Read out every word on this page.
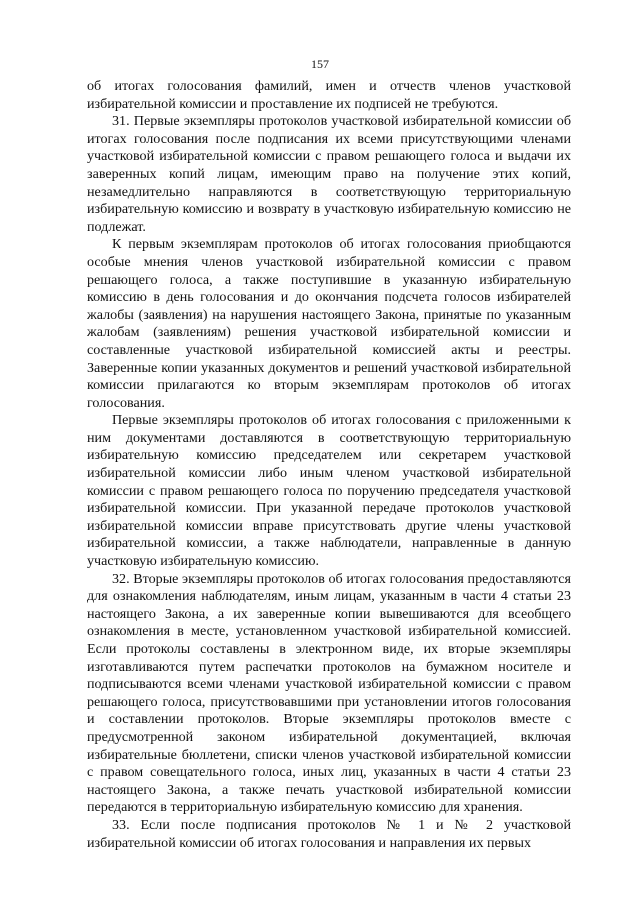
157

об итогах голосования фамилий, имен и отчеств членов участковой избирательной комиссии и проставление их подписей не требуются.

31. Первые экземпляры протоколов участковой избирательной комиссии об итогах голосования после подписания их всеми присутствующими членами участковой избирательной комиссии с правом решающего голоса и выдачи их заверенных копий лицам, имеющим право на получение этих копий, незамедлительно направляются в соответствующую территориальную избирательную комиссию и возврату в участковую избирательную комиссию не подлежат.

К первым экземплярам протоколов об итогах голосования приобщаются особые мнения членов участковой избирательной комиссии с правом решающего голоса, а также поступившие в указанную избирательную комиссию в день голосования и до окончания подсчета голосов избирателей жалобы (заявления) на нарушения настоящего Закона, принятые по указанным жалобам (заявлениям) решения участковой избирательной комиссии и составленные участковой избирательной комиссией акты и реестры. Заверенные копии указанных документов и решений участковой избирательной комиссии прилагаются ко вторым экземплярам протоколов об итогах голосования.

Первые экземпляры протоколов об итогах голосования с приложенными к ним документами доставляются в соответствующую территориальную избирательную комиссию председателем или секретарем участковой избирательной комиссии либо иным членом участковой избирательной комиссии с правом решающего голоса по поручению председателя участковой избирательной комиссии. При указанной передаче протоколов участковой избирательной комиссии вправе присутствовать другие члены участковой избирательной комиссии, а также наблюдатели, направленные в данную участковую избирательную комиссию.

32. Вторые экземпляры протоколов об итогах голосования предоставляются для ознакомления наблюдателям, иным лицам, указанным в части 4 статьи 23 настоящего Закона, а их заверенные копии вывешиваются для всеобщего ознакомления в месте, установленном участковой избирательной комиссией. Если протоколы составлены в электронном виде, их вторые экземпляры изготавливаются путем распечатки протоколов на бумажном носителе и подписываются всеми членами участковой избирательной комиссии с правом решающего голоса, присутствовавшими при установлении итогов голосования и составлении протоколов. Вторые экземпляры протоколов вместе с предусмотренной законом избирательной документацией, включая избирательные бюллетени, списки членов участковой избирательной комиссии с правом совещательного голоса, иных лиц, указанных в части 4 статьи 23 настоящего Закона, а также печать участковой избирательной комиссии передаются в территориальную избирательную комиссию для хранения.

33. Если после подписания протоколов № 1 и № 2 участковой избирательной комиссии об итогах голосования и направления их первых
